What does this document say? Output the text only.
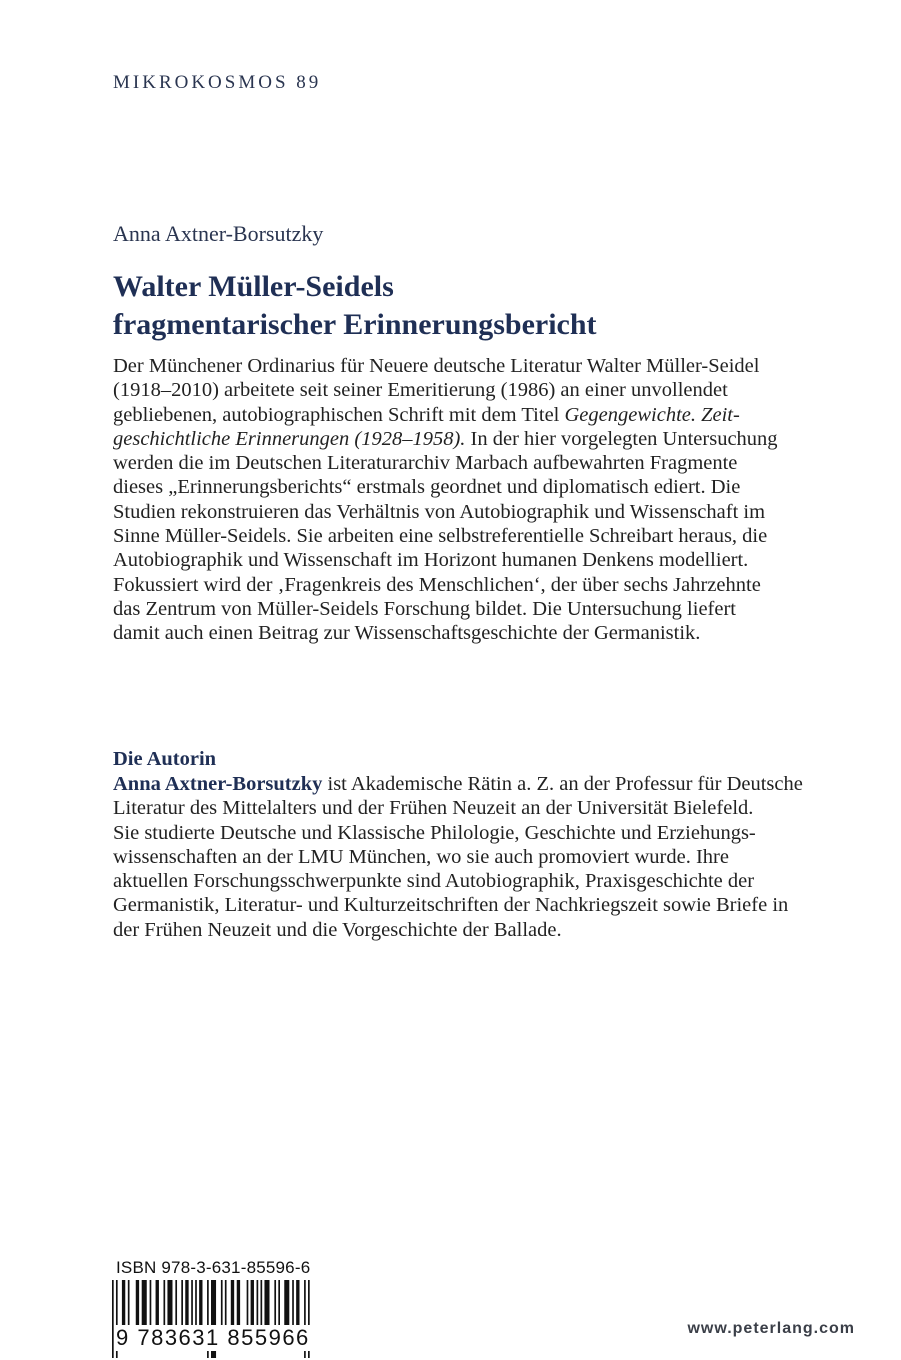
MIKROKOSMOS 89
Anna Axtner-Borsutzky
Walter Müller-Seidels
fragmentarischer Erinnerungsbericht
Der Münchener Ordinarius für Neuere deutsche Literatur Walter Müller-Seidel
(1918–2010) arbeitete seit seiner Emeritierung (1986) an einer unvollendet
gebliebenen, autobiographischen Schrift mit dem Titel Gegengewichte. Zeit-
geschichtliche Erinnerungen (1928–1958). In der hier vorgelegten Untersuchung
werden die im Deutschen Literaturarchiv Marbach aufbewahrten Fragmente
dieses „Erinnerungsberichts“ erstmals geordnet und diplomatisch ediert. Die
Studien rekonstruieren das Verhältnis von Autobiographik und Wissenschaft im
Sinne Müller-Seidels. Sie arbeiten eine selbstreferentielle Schreibart heraus, die
Autobiographik und Wissenschaft im Horizont humanen Denkens modelliert.
Fokussiert wird der ‚Fragenkreis des Menschlichen‘, der über sechs Jahrzehnte
das Zentrum von Müller-Seidels Forschung bildet. Die Untersuchung liefert
damit auch einen Beitrag zur Wissenschaftsgeschichte der Germanistik.
Die Autorin
Anna Axtner-Borsutzky ist Akademische Rätin a. Z. an der Professur für Deutsche
Literatur des Mittelalters und der Frühen Neuzeit an der Universität Bielefeld.
Sie studierte Deutsche und Klassische Philologie, Geschichte und Erziehungs-
wissenschaften an der LMU München, wo sie auch promoviert wurde. Ihre
aktuellen Forschungsschwerpunkte sind Autobiographik, Praxisgeschichte der
Germanistik, Literatur- und Kulturzeitschriften der Nachkriegszeit sowie Briefe in
der Frühen Neuzeit und die Vorgeschichte der Ballade.
ISBN 978-3-631-85596-6
9 783631 855966	www.peterlang.com
